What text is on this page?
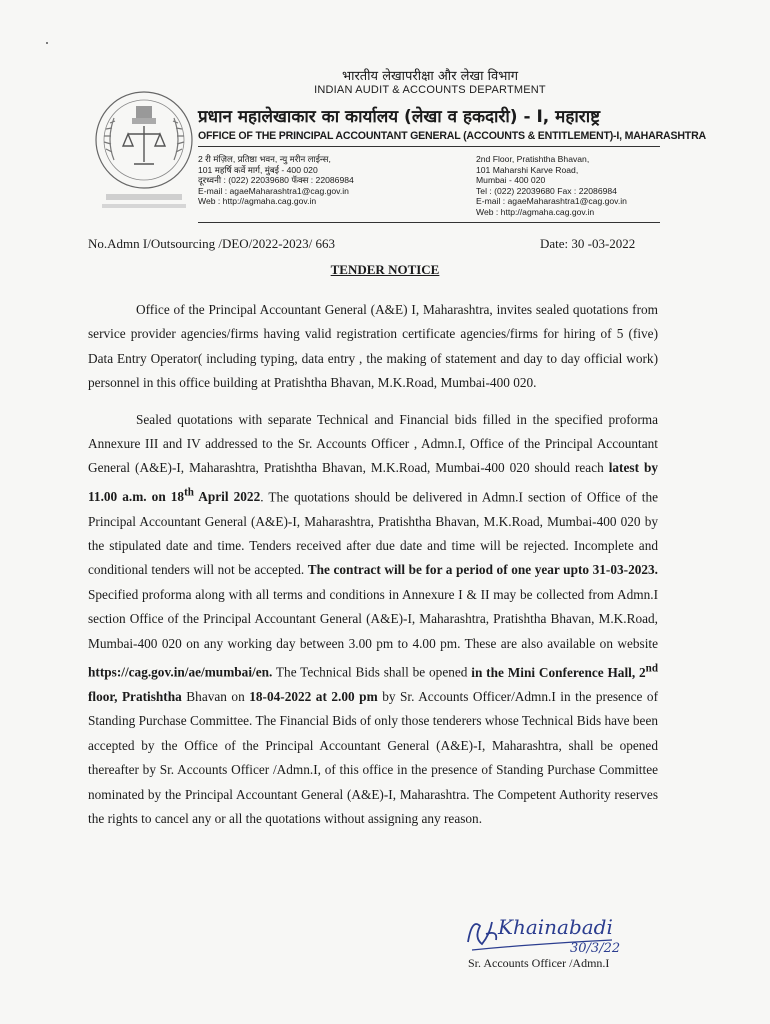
भारतीय लेखापरीक्षा और लेखा विभाग
INDIAN AUDIT & ACCOUNTS DEPARTMENT
प्रधान महालेखाकार का कार्यालय (लेखा व हकदारी) - I, महाराष्ट्र
OFFICE OF THE PRINCIPAL ACCOUNTANT GENERAL (ACCOUNTS & ENTITLEMENT)-I, MAHARASHTRA
2 री मंज़िल, प्रतिष्ठा भवन, न्यु मरीन लाईन्स,
101 महर्षि कर्वे मार्ग, मुंबई - 400 020
दूरध्वनी : (022) 22039680 फॅक्स : 22086984
E-mail : agaeMaharashtra1@cag.gov.in
Web : http://agmaha.cag.gov.in
2nd Floor, Pratishtha Bhavan,
101 Maharshi Karve Road,
Mumbai - 400 020
Tel : (022) 22039680 Fax : 22086984
E-mail : agaeMaharashtra1@cag.gov.in
Web : http://agmaha.cag.gov.in
No.Admn I/Outsourcing /DEO/2022-2023/ 663	Date: 30 -03-2022
TENDER NOTICE

Office of the Principal Accountant General (A&E) I, Maharashtra, invites sealed quotations from service provider agencies/firms having valid registration certificate agencies/firms for hiring of 5 (five) Data Entry Operator( including typing, data entry , the making of statement and day to day official work) personnel in this office building at Pratishtha Bhavan, M.K.Road, Mumbai-400 020.

Sealed quotations with separate Technical and Financial bids filled in the specified proforma Annexure III and IV addressed to the Sr. Accounts Officer , Admn.I, Office of the Principal Accountant General (A&E)-I, Maharashtra, Pratishtha Bhavan, M.K.Road, Mumbai-400 020 should reach latest by 11.00 a.m. on 18th April 2022. The quotations should be delivered in Admn.I section of Office of the Principal Accountant General (A&E)-I, Maharashtra, Pratishtha Bhavan, M.K.Road, Mumbai-400 020 by the stipulated date and time. Tenders received after due date and time will be rejected. Incomplete and conditional tenders will not be accepted. The contract will be for a period of one year upto 31-03-2023. Specified proforma along with all terms and conditions in Annexure I & II may be collected from Admn.I section Office of the Principal Accountant General (A&E)-I, Maharashtra, Pratishtha Bhavan, M.K.Road, Mumbai-400 020 on any working day between 3.00 pm to 4.00 pm. These are also available on website https://cag.gov.in/ae/mumbai/en. The Technical Bids shall be opened in the Mini Conference Hall, 2nd floor, Pratishtha Bhavan on 18-04-2022 at 2.00 pm by Sr. Accounts Officer/Admn.I in the presence of Standing Purchase Committee. The Financial Bids of only those tenderers whose Technical Bids have been accepted by the Office of the Principal Accountant General (A&E)-I, Maharashtra, shall be opened thereafter by Sr. Accounts Officer /Admn.I, of this office in the presence of Standing Purchase Committee nominated by the Principal Accountant General (A&E)-I, Maharashtra. The Competent Authority reserves the rights to cancel any or all the quotations without assigning any reason.

Khainabadi
30/3/22
Sr. Accounts Officer /Admn.I
